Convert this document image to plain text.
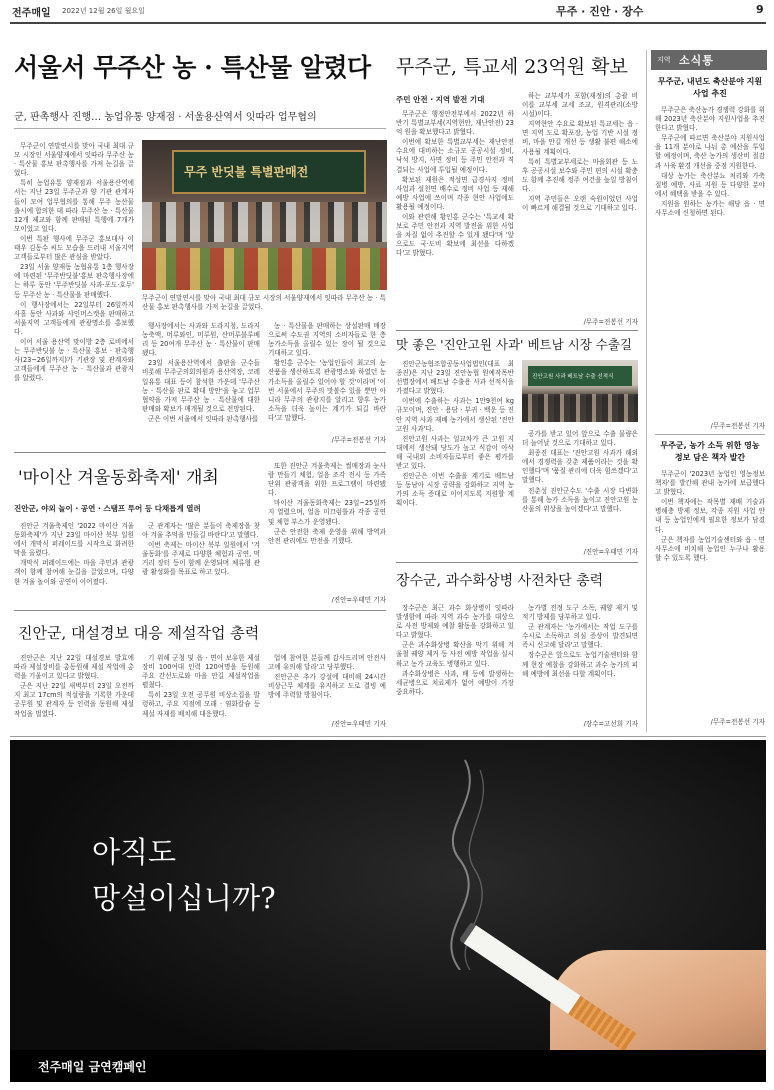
전주매일 2022년 12월 26일 월요일	무주 · 진안 · 장수	9
서울서 무주산 농 · 특산물 알렸다
군, 판촉행사 진행… 농업유통 양재점 · 서울용산역서 잇따라 업무협의

무주군이 연말연시를 맞아 국내 최대 규모 시장인 서울양재에서 잇따라 무주산 농 · 특산물 홍보 판촉행사를 가져 눈길을 끌었다.

특히 농업유통 양재점과 서울용산역에서는 지난 23일 무주군과 양 기관 관계자들이 모여 업무협의를 통해 무주 농산물 출시에 합의한 데 따라 무주산 농 · 특산물 12개 제교와 함께 판매된 특행에 7개가 모이었고 있다.

이번 특판 행사에 무주군 홍보대사 이 태우 김동수 씨도 모습을 드러내 서울지역 고객들로부터 많은 관심을 받았다.

23일 서울 양재동 농협유통 1층 행사장에 마련된 '무주반딧불'홍보 판촉행사장에는 하루 동안 '무주반딧불 사과·포도·호두' 등 무주산 농 · 특산물을 판매했다.

이 행사장에서는 22일부터 26일까지 사흘 동안 사과와 샤인머스캣을 판매하고 서울지역 고객들에게 관광명소를 홍보했다.

이어 서울 용산역 맞이방 2층 로비에서는 무주반딧불 농 · 특산물 홍보 · 판촉행사(23~26일까지)가 기관장 및 관계자와 고객들에게 무주산 농 · 특산물과 관광지를 알렸다.

무주 반딧불 특별판매전
무주군이 연말연시를 맞아 국내 최대 규모 시장의 서울양재에서 잇따라 무주산 농 · 특산물 홍보 판촉행사를 가져 눈길을 끌었다.

행사장에서는 사과와 도라지청, 도라지농축액, 머루와인, 머루원, 산머루블루베리 등 20여개 무주산 농 · 특산물이 판매됐다.

23일 서울용산역에서 출판을 군수들 비롯해 무주군의회의원과 용산역장, 코레일유통 대표 등이 참석한 가운데 '무주산 농 · 특산물 판로 확대 방안'을 놓고 업무협약을 가져 무주산 농 · 특산물에 대한 판매와 확보가 매개될 것으로 전망된다.

군은 이번 서울에서 잇따라 판촉행사를

농 · 특산물을 판매하는 상설판매 매장으로써 수도권 지역의 소비자들로 한 층 농가소득을 올릴수 있는 장이 될 것으로 기대하고 있다.

황인홍 군수는 '농업인들이 최고의 농산품을 생산하도록 관광명소와 하였던 농가소득을 올릴수 있어야 할 것'이라며 '이번 서울에서 무주의 맛볼수 있을 뿐만 아니라 무주의 관광지를 알리고 향후 농가소득을 더욱 높이는 계기가 되길 바란다'고 말했다.

/무주=전봉선 기자
'마이산 겨울동화축제' 개최
진안군, 야외 놀이 · 공연 · 스탬프 투어 등 다채롭게 열려

진안군 겨울축제인 '2022 마이산 겨울동화축제'가 지난 23일 마이산 북부 일원에서 개막식 퍼레이드를 시작으로 화려한 막을 올렸다.

개막식 퍼레이드에는 마을 주민과 관광객이 함께 참여해 눈길을 끌었으며, 다양한 겨울 놀이와 공연이 이어졌다.

군 관계자는 '많은 분들이 축제장을 찾아 겨울 추억을 만들길 바란다'고 말했다.

이번 축제는 마이산 북부 일원에서 '겨울동화'를 주제로 다양한 체험과 공연, 먹거리 장터 등이 함께 운영되며 체류형 관광 활성화를 목표로 하고 있다.

또한 진안군 겨울축제는 썰매장과 눈사람 만들기 체험, 얼음 조각 전시 등 가족 단위 관광객을 위한 프로그램이 마련됐다.

마이산 겨울동화축제는 23일~25일까지 열렸으며, 얼음 미끄럼틀과 각종 공연 및 체험 부스가 운영됐다.

군은 안전한 축제 운영을 위해 방역과 안전 관리에도 만전을 기했다.

/진안=우태민 기자
진안군, 대설경보 대응 제설작업 총력

진안군은 지난 22일 대설경보 발효에 따라 제설장비를 총동원해 제설 작업에 총력을 기울이고 있다고 밝혔다.

군은 지난 22일 새벽부터 23일 오전까지 최고 17cm의 적설량을 기록한 가운데 공무원 및 관계자 등 인력을 동원해 제설 작업을 벌였다.

기 위해 군청 및 읍 · 면이 보유한 제설장비 100여대 인력 120여명을 동원해 주요 간선도로와 마을 안길 제설작업을 펼쳤다.

특히 23일 오전 공무원 비상소집을 발령하고, 주요 지점에 모래 · 염화칼슘 등 제설 자재를 배치해 대응했다.

업에 참여한 분들께 감사드리며 안전사고에 유의해 달라'고 당부했다.

진안군은 추가 강설에 대비해 24시간 비상근무 체계를 유지하고 도로 결빙 예방에 주력할 방침이다.

/진안=우태민 기자
무주군, 특교세 23억원 확보
주민 안전 · 지역 발전 기대

무주군은 행정안전부에서 2022년 하반기 특별교부세(지역현안, 재난안전) 23억 원을 확보했다고 밝혔다.

이번에 확보한 특별교부세는 재난안전 수요에 대비하는 소규모 공공시설 정비, 낙석 방지, 사면 정비 등 주민 안전과 직결되는 사업에 투입될 예정이다.

확보된 재원은 적성면 급경사지 정비 사업과 설천면 배수로 정비 사업 등 재해 예방 사업에 쓰이며 각종 현안 사업에도 활용될 예정이다.

이와 관련해 황인홍 군수는 '특교세 확보로 주민 안전과 지역 발전을 위한 사업을 차질 없이 추진할 수 있게 됐다'며 '앞으로도 국·도비 확보에 최선을 다하겠다'고 밝혔다.

하는 교부세가 포함(재정)의 총괄 비 이를 교부세 교세 조교, 원격관리(소방 시설)이다.

지역현안 수요로 확보된 특교세는 읍 · 면 지역 도로 확포장, 농업 기반 시설 정비, 마을 안길 개선 등 생활 불편 해소에 사용될 계획이다.

특히 특별교부세로는 마을회관 등 노후 공공시설 보수와 주민 편의 시설 확충도 함께 추진해 정주 여건을 높일 방침이다.

지역 주민들은 오랜 숙원이었던 사업이 빠르게 해결될 것으로 기대하고 있다.

/무주=전봉선 기자
맛 좋은 '진안고원 사과' 베트남 시장 수출길

진안군농협조합공동사업법인(대표 최종진)은 지난 23일 진안농협 원예작목반 선별장에서 베트남 수출용 사과 선적식을 가졌다고 밝혔다.

이번에 수출하는 사과는 1만9천여 kg 규모이며, 진안 · 용담 · 부귀 · 백운 등 진안 지역 사과 재배 농가에서 생산된 '진안고원 사과'다.

진안고원 사과는 일교차가 큰 고원 지대에서 생산돼 당도가 높고 식감이 아삭해 국내외 소비자들로부터 좋은 평가를 받고 있다.

진안군은 이번 수출을 계기로 베트남 등 동남아 시장 공략을 강화하고 지역 농가의 소득 증대로 이어지도록 지원할 계획이다.

진안고원 사과 베트남 수출 선적식

공가를 받고 있어 앞으로 수출 물량은 더 늘어날 것으로 기대하고 있다.

최종진 대표는 '진안고원 사과가 해외에서 경쟁력을 갖춘 제품이라는 것을 확인했다'며 '품질 관리에 더욱 힘쓰겠다'고 말했다.

전춘성 진안군수도 '수출 시장 다변화를 통해 농가 소득을 높이고 진안고원 농산물의 위상을 높이겠다'고 말했다.

/진안=우태민 기자
장수군, 과수화상병 사전차단 총력

장수군은 최근 과수 화상병이 잇따라 발생함에 따라 지역 과수 농가를 대상으로 사전 방제와 예찰 활동을 강화하고 있다고 밝혔다.

군은 과수화상병 확산을 막기 위해 겨울철 궤양 제거 등 사전 예방 작업을 실시하고 농가 교육도 병행하고 있다.

과수화상병은 사과, 배 등에 발생하는 세균병으로 치료제가 없어 예방이 가장 중요하다.

농가별 전정 도구 소독, 궤양 제거 및 적기 방제를 당부하고 있다.

군 관계자는 '농가에서는 작업 도구를 수시로 소독하고 의심 증상이 발견되면 즉시 신고해 달라'고 말했다.

장수군은 앞으로도 농업기술센터와 함께 현장 예찰을 강화하고 과수 농가의 피해 예방에 최선을 다할 계획이다.

/장수=고선희 기자
지역 소식통
무주군, 내년도 축산분야 지원사업 추진

무주군은 축산농가 경쟁력 강화를 위해 2023년 축산분야 지원사업을 추진한다고 밝혔다.

무주군에 따르면 축산분야 지원사업을 11개 분야로 나눠 총 예산을 투입할 예정이며, 축산 농가의 생산비 절감과 사육 환경 개선을 중점 지원한다.

대상 농가는 축산분뇨 처리와 가축 질병 예방, 사료 지원 등 다양한 분야에서 혜택을 받을 수 있다.

지원을 원하는 농가는 해당 읍 · 면 사무소에 신청하면 된다.

/무주=전봉선 기자
무주군, 농가 소득 위한 영농정보 담은 책자 발간

무주군이 '2023년 농업인 영농정보 책자'를 발간해 관내 농가에 보급했다고 밝혔다.

이번 책자에는 작목별 재배 기술과 병해충 방제 정보, 각종 지원 사업 안내 등 농업인에게 필요한 정보가 담겼다.

군은 책자를 농업기술센터와 읍 · 면 사무소에 비치해 농업인 누구나 활용할 수 있도록 했다.

/무주=전봉선 기자
아직도
망설이십니까?
전주매일 금연캠페인
